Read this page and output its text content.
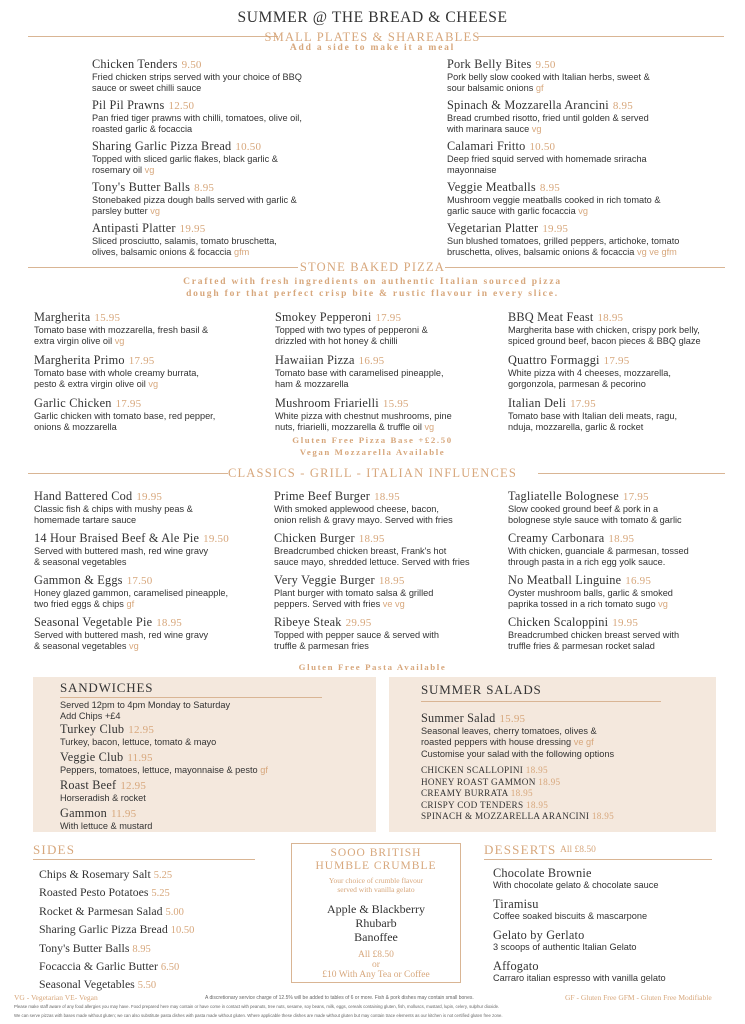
SUMMER @ THE BREAD & CHEESE
SMALL PLATES & SHAREABLES
Add a side to make it a meal
Chicken Tenders 9.50
Fried chicken strips served with your choice of BBQ
sauce or sweet chilli sauce
Pil Pil Prawns 12.50
Pan fried tiger prawns with chilli, tomatoes, olive oil,
roasted garlic & focaccia
Sharing Garlic Pizza Bread 10.50
Topped with sliced garlic flakes, black garlic &
rosemary oil vg
Tony's Butter Balls 8.95
Stonebaked pizza dough balls served with garlic &
parsley butter vg
Antipasti Platter 19.95
Sliced prosciutto, salamis, tomato bruschetta,
olives, balsamic onions & focaccia gfm
Pork Belly Bites 9.50
Pork belly slow cooked with Italian herbs, sweet &
sour balsamic onions gf
Spinach & Mozzarella Arancini 8.95
Bread crumbed risotto, fried until golden & served
with marinara sauce vg
Calamari Fritto 10.50
Deep fried squid served with homemade sriracha
mayonnaise
Veggie Meatballs 8.95
Mushroom veggie meatballs cooked in rich tomato &
garlic sauce with garlic focaccia vg
Vegetarian Platter 19.95
Sun blushed tomatoes, grilled peppers, artichoke, tomato
bruschetta, olives, balsamic onions & focaccia vg ve gfm
STONE BAKED PIZZA
Crafted with fresh ingredients on authentic Italian sourced pizza
dough for that perfect crisp bite & rustic flavour in every slice.
Margherita 15.95
Tomato base with mozzarella, fresh basil &
extra virgin olive oil vg
Margherita Primo 17.95
Tomato base with whole creamy burrata,
pesto & extra virgin olive oil vg
Garlic Chicken 17.95
Garlic chicken with tomato base, red pepper,
onions & mozzarella
Smokey Pepperoni 17.95
Topped with two types of pepperoni &
drizzled with hot honey & chilli
Hawaiian Pizza 16.95
Tomato base with caramelised pineapple,
ham & mozzarella
Mushroom Friarielli 15.95
White pizza with chestnut mushrooms, pine
nuts, friarielli, mozzarella & truffle oil vg
BBQ Meat Feast 18.95
Margherita base with chicken, crispy pork belly,
spiced ground beef, bacon pieces & BBQ glaze
Quattro Formaggi 17.95
White pizza with 4 cheeses, mozzarella,
gorgonzola, parmesan & pecorino
Italian Deli 17.95
Tomato base with Italian deli meats, ragu,
nduja, mozzarella, garlic & rocket
Gluten Free Pizza Base +£2.50
Vegan Mozzarella Available
CLASSICS - GRILL - ITALIAN INFLUENCES
Hand Battered Cod 19.95
Classic fish & chips with mushy peas &
homemade tartare sauce
14 Hour Braised Beef & Ale Pie 19.50
Served with buttered mash, red wine gravy
& seasonal vegetables
Gammon & Eggs 17.50
Honey glazed gammon, caramelised pineapple,
two fried eggs & chips gf
Seasonal Vegetable Pie 18.95
Served with buttered mash, red wine gravy
& seasonal vegetables vg
Prime Beef Burger 18.95
With smoked applewood cheese, bacon,
onion relish & gravy mayo. Served with fries
Chicken Burger 18.95
Breadcrumbed chicken breast, Frank's hot
sauce mayo, shredded lettuce. Served with fries
Very Veggie Burger 18.95
Plant burger with tomato salsa & grilled
peppers. Served with fries ve vg
Ribeye Steak 29.95
Topped with pepper sauce & served with
truffle & parmesan fries
Tagliatelle Bolognese 17.95
Slow cooked ground beef & pork in a
bolognese style sauce with tomato & garlic
Creamy Carbonara 18.95
With chicken, guanciale & parmesan, tossed
through pasta in a rich egg yolk sauce.
No Meatball Linguine 16.95
Oyster mushroom balls, garlic & smoked
paprika tossed in a rich tomato sugo vg
Chicken Scaloppini 19.95
Breadcrumbed chicken breast served with
truffle fries & parmesan rocket salad
Gluten Free Pasta Available
SANDWICHES
Served 12pm to 4pm Monday to Saturday
Add Chips +£4
Turkey Club 12.95
Turkey, bacon, lettuce, tomato & mayo
Veggie Club 11.95
Peppers, tomatoes, lettuce, mayonnaise & pesto gf
Roast Beef 12.95
Horseradish & rocket
Gammon 11.95
With lettuce & mustard
SUMMER SALADS
Summer Salad 15.95
Seasonal leaves, cherry tomatoes, olives &
roasted peppers with house dressing ve gf
Customise your salad with the following options
CHICKEN SCALLOPINI 18.95
HONEY ROAST GAMMON 18.95
CREAMY BURRATA 18.95
CRISPY COD TENDERS 18.95
SPINACH & MOZZARELLA ARANCINI 18.95
SIDES
Chips & Rosemary Salt 5.25
Roasted Pesto Potatoes 5.25
Rocket & Parmesan Salad 5.00
Sharing Garlic Pizza Bread 10.50
Tony's Butter Balls 8.95
Focaccia & Garlic Butter 6.50
Seasonal Vegetables 5.50
SOOO BRITISH
HUMBLE CRUMBLE
Your choice of crumble flavour
served with vanilla gelato
Apple & Blackberry
Rhubarb
Banoffee
All £8.50
or
£10 With Any Tea or Coffee
DESSERTS All £8.50
Chocolate Brownie
With chocolate gelato & chocolate sauce
Tiramisu
Coffee soaked biscuits & mascarpone
Gelato by Gerlato
3 scoops of authentic Italian Gelato
Affogato
Carraro italian espresso with vanilla gelato
VG - Vegetarian VE- Vegan	GF - Gluten Free GFM - Gluten Free Modifiable
A discretionary service charge of 12.5% will be added to tables of 6 or more. Fish & pork dishes may contain small bones.
Please make staff aware of any food allergies you may have. Food prepared here may contain or have come in contact with peanuts, tree nuts, sesame, soy beans, milk, eggs, cereals containing gluten, fish, molluscs, mustard, lupin, celery, sulphur dioxide.
We can serve pizzas with bases made without gluten; we can also substitute pasta dishes with pasta made without gluten. Where applicable these dishes are made without gluten but may contain trace elements as our kitchen is not certified gluten free zone.
